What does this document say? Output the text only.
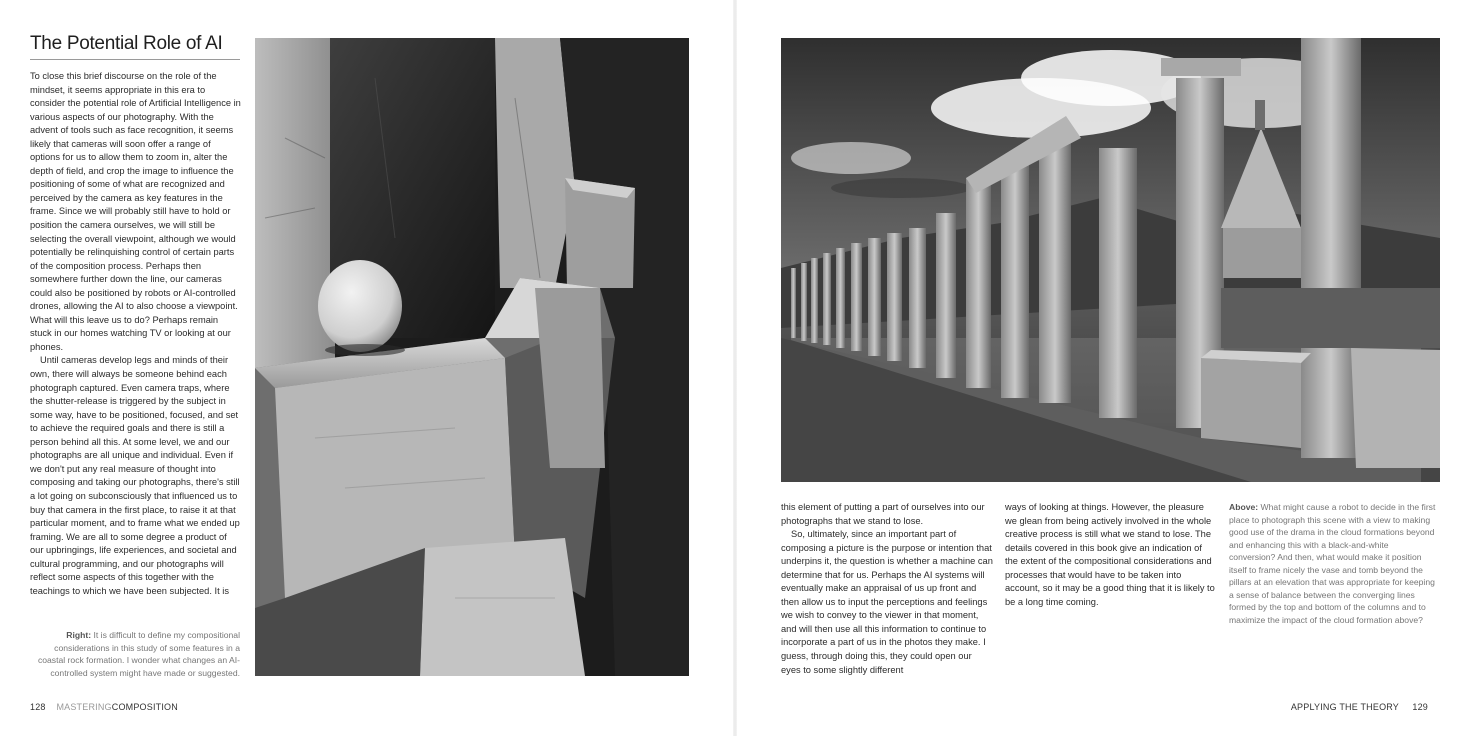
The Potential Role of AI

To close this brief discourse on the role of the mindset, it seems appropriate in this era to consider the potential role of Artificial Intelligence in various aspects of our photography. With the advent of tools such as face recognition, it seems likely that cameras will soon offer a range of options for us to allow them to zoom in, alter the depth of field, and crop the image to influence the positioning of some of what are recognized and perceived by the camera as key features in the frame. Since we will probably still have to hold or position the camera ourselves, we will still be selecting the overall viewpoint, although we would potentially be relinquishing control of certain parts of the composition process. Perhaps then somewhere further down the line, our cameras could also be positioned by robots or AI-controlled drones, allowing the AI to also choose a viewpoint. What will this leave us to do? Perhaps remain stuck in our homes watching TV or looking at our phones.

Until cameras develop legs and minds of their own, there will always be someone behind each photograph captured. Even camera traps, where the shutter-release is triggered by the subject in some way, have to be positioned, focused, and set to achieve the required goals and there is still a person behind all this. At some level, we and our photographs are all unique and individual. Even if we don't put any real measure of thought into composing and taking our photographs, there's still a lot going on subconsciously that influenced us to buy that camera in the first place, to raise it at that particular moment, and to frame what we ended up framing. We are all to some degree a product of our upbringings, life experiences, and societal and cultural programming, and our photographs will reflect some aspects of this together with the teachings to which we have been subjected. It is

Right: It is difficult to define my compositional considerations in this study of some features in a coastal rock formation. I wonder what changes an AI-controlled system might have made or suggested.
128 MASTERINGCOMPOSITION

this element of putting a part of ourselves into our photographs that we stand to lose.

So, ultimately, since an important part of composing a picture is the purpose or intention that underpins it, the question is whether a machine can determine that for us. Perhaps the AI systems will eventually make an appraisal of us up front and then allow us to input the perceptions and feelings we wish to convey to the viewer in that moment, and will then use all this information to continue to incorporate a part of us in the photos they make. I guess, through doing this, they could open our eyes to some slightly different

ways of looking at things. However, the pleasure we glean from being actively involved in the whole creative process is still what we stand to lose. The details covered in this book give an indication of the extent of the compositional considerations and processes that would have to be taken into account, so it may be a good thing that it is likely to be a long time coming.

Above: What might cause a robot to decide in the first place to photograph this scene with a view to making good use of the drama in the cloud formations beyond and enhancing this with a black-and-white conversion? And then, what would make it position itself to frame nicely the vase and tomb beyond the pillars at an elevation that was appropriate for keeping a sense of balance between the converging lines formed by the top and bottom of the columns and to maximize the impact of the cloud formation above?
APPLYING THE THEORY 129
